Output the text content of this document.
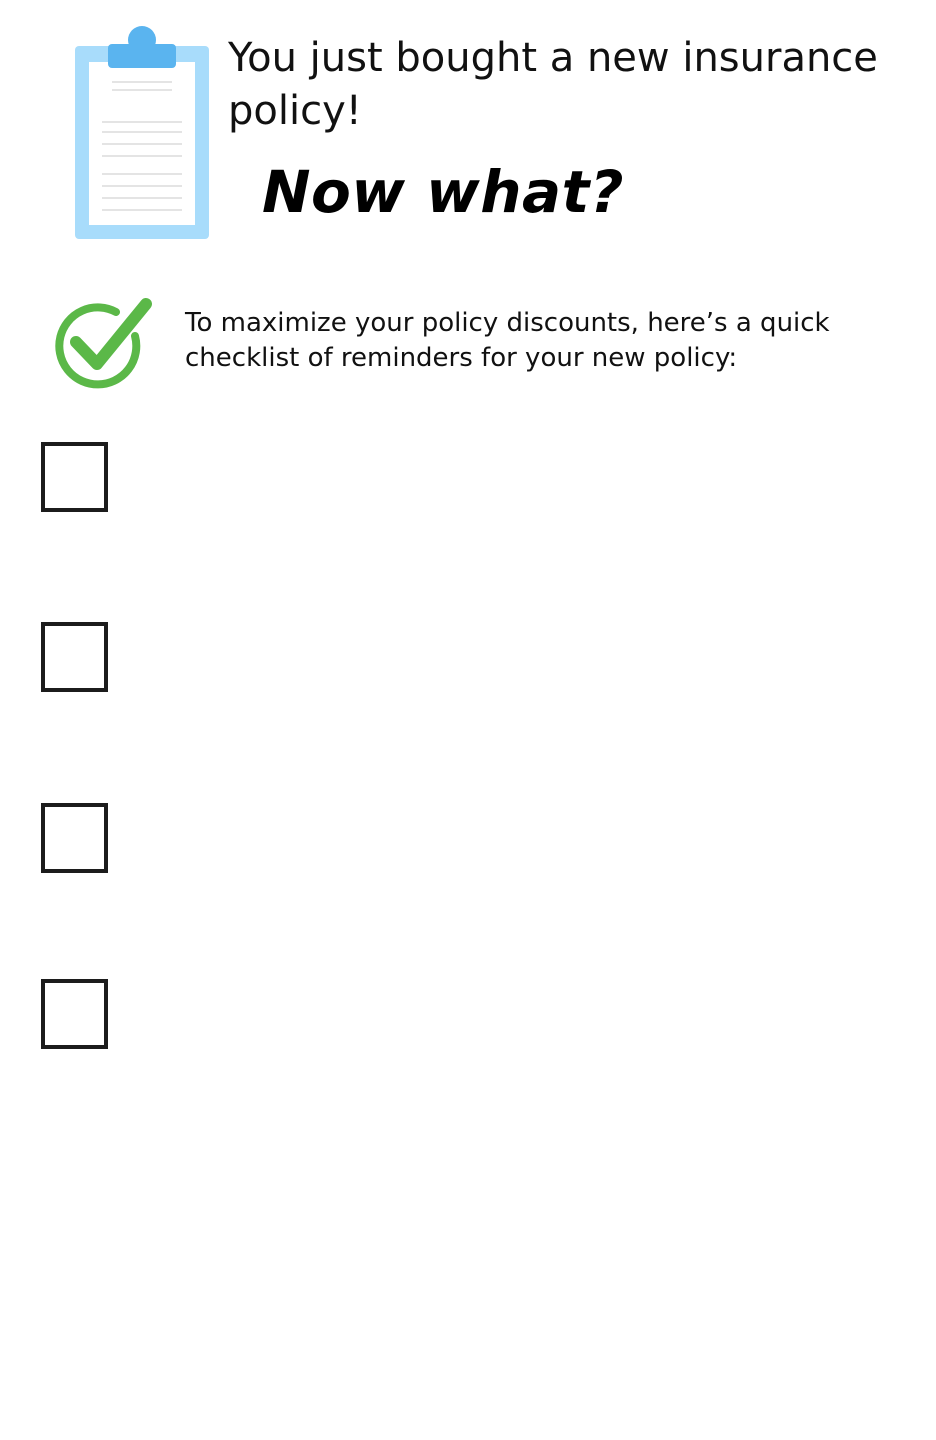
You just bought a new insurance policy!
Now what?

To maximize your policy discounts, here’s a quick checklist of reminders for your new policy:
